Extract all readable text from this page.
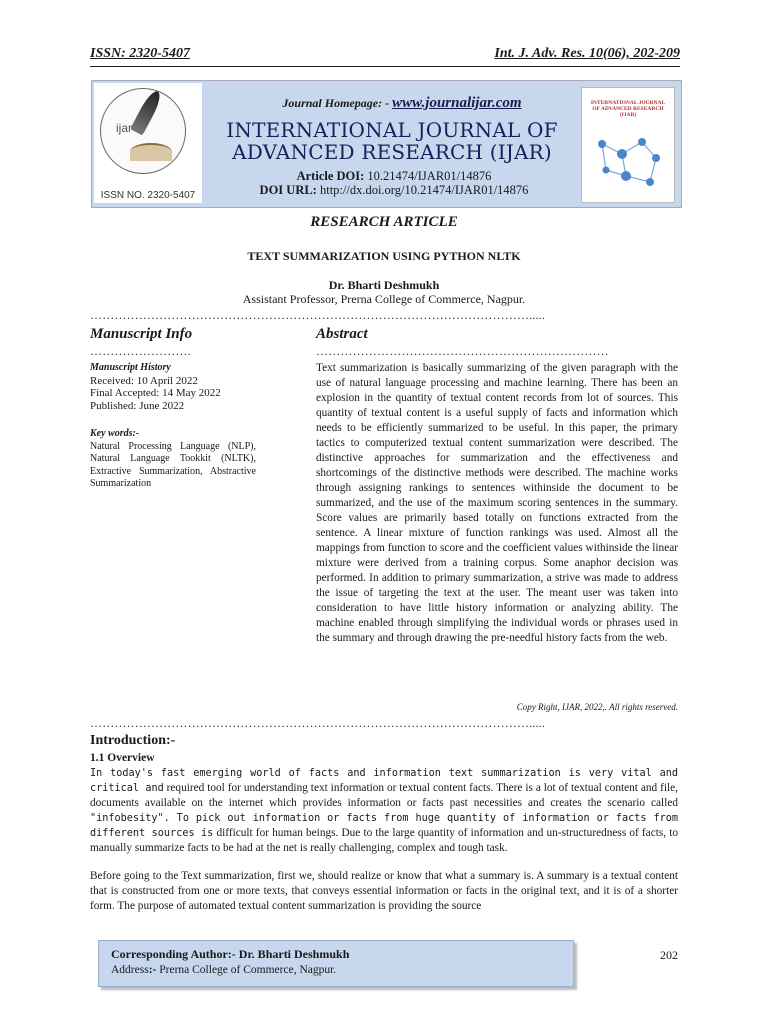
ISSN: 2320-5407	Int. J. Adv. Res. 10(06), 202-209
ijar
ISSN NO. 2320-5407
Journal Homepage: - www.journalijar.com
INTERNATIONAL JOURNAL OF
ADVANCED RESEARCH (IJAR)
Article DOI: 10.21474/IJAR01/14876
DOI URL: http://dx.doi.org/10.21474/IJAR01/14876
INTERNATIONAL JOURNAL OF ADVANCED RESEARCH (IJAR)
RESEARCH ARTICLE
TEXT SUMMARIZATION USING PYTHON NLTK
Dr. Bharti Deshmukh
Assistant Professor, Prerna College of Commerce, Nagpur.
……………………………………………………………………………………………….....
Manuscript Info
…………………….
Manuscript History
Received: 10 April 2022
Final Accepted: 14 May 2022
Published: June 2022
Key words:-
Natural Processing Language (NLP), Natural Language Tookkit (NLTK), Extractive Summarization, Abstractive Summarization
Abstract
………………………………………………………………
Text summarization is basically summarizing of the given paragraph with the use of natural language processing and machine learning. There has been an explosion in the quantity of textual content records from lot of sources. This quantity of textual content is a useful supply of facts and information which needs to be efficiently summarized to be useful. In this paper, the primary tactics to computerized textual content summarization were described. The distinctive approaches for summarization and the effectiveness and shortcomings of the distinctive methods were described. The machine works through assigning rankings to sentences withinside the document to be summarized, and the use of the maximum scoring sentences in the summary. Score values are primarily based totally on functions extracted from the sentence. A linear mixture of function rankings was used. Almost all the mappings from function to score and the coefficient values withinside the linear mixture were derived from a training corpus. Some anaphor decision was performed. In addition to primary summarization, a strive was made to address the issue of targeting the text at the user. The meant user was taken into consideration to have little history information or analyzing ability. The machine enabled through simplifying the individual words or phrases used in the summary and through drawing the pre-needful history facts from the web.
Copy Right, IJAR, 2022,. All rights reserved.
……………………………………………………………………………………………….....
Introduction:-
1.1 Overview
In today's fast emerging world of facts and information text summarization is very vital and critical and required tool for understanding text information or textual content facts. There is a lot of textual content and file, documents available on the internet which provides information or facts past necessities and creates the scenario called "infobesity". To pick out information or facts from huge quantity of information or facts from different sources is difficult for human beings. Due to the large quantity of information and un-structuredness of facts, to manually summarize facts to be had at the net is really challenging, complex and tough task.
Before going to the Text summarization, first we, should realize or know that what a summary is. A summary is a textual content that is constructed from one or more texts, that conveys essential information or facts in the original text, and it is of a shorter form. The purpose of automated textual content summarization is providing the source
Corresponding Author:- Dr. Bharti Deshmukh
Address:- Prerna College of Commerce, Nagpur.
202
